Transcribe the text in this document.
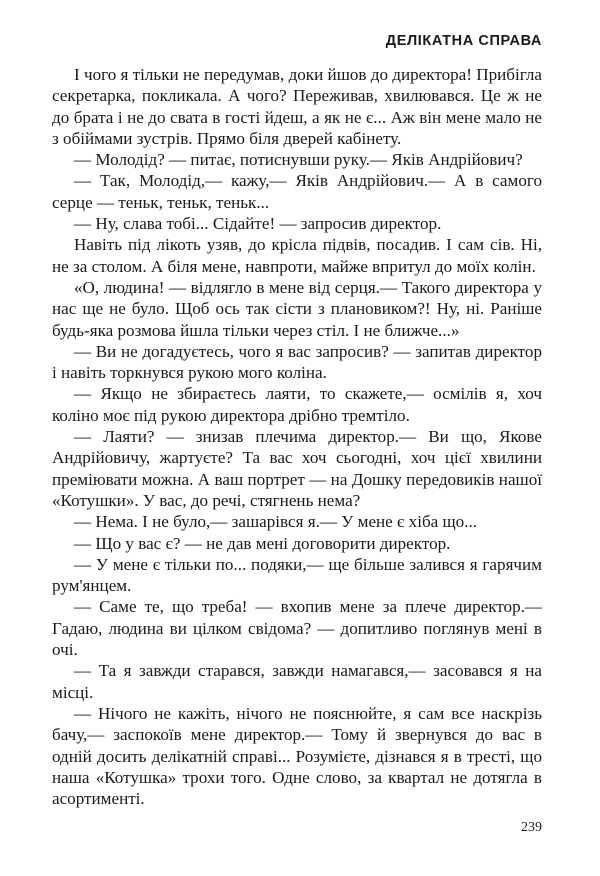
ДЕЛІКАТНА СПРАВА

І чого я тільки не передумав, доки йшов до директора! Прибігла секретарка, покликала. А чого? Переживав, хвилювався. Це ж не до брата і не до свата в гості йдеш, а як не є... Аж він мене мало не з обіймами зустрів. Прямо біля дверей кабінету.

— Молодід? — питає, потиснувши руку.— Яків Андрійович?

— Так, Молодід,— кажу,— Яків Андрійович.— А в самого серце — теньк, теньк, теньк...

— Ну, слава тобі... Сідайте! — запросив директор.

Навіть під лікоть узяв, до крісла підвів, посадив. І сам сів. Ні, не за столом. А біля мене, навпроти, майже впритул до моїх колін.

«О, людина! — відлягло в мене від серця.— Такого директора у нас ще не було. Щоб ось так сісти з плановиком?! Ну, ні. Раніше будь-яка розмова йшла тільки через стіл. І не ближче...»

— Ви не догадуєтесь, чого я вас запросив? — запитав директор і навіть торкнувся рукою мого коліна.

— Якщо не збираєтесь лаяти, то скажете,— осмілів я, хоч коліно моє під рукою директора дрібно тремтіло.

— Лаяти? — знизав плечима директор.— Ви що, Якове Андрійовичу, жартуєте? Та вас хоч сьогодні, хоч цієї хвилини преміювати можна. А ваш портрет — на Дошку передовиків нашої «Котушки». У вас, до речі, стягнень нема?

— Нема. І не було,— зашарівся я.— У мене є хіба що...

— Що у вас є? — не дав мені договорити директор.

— У мене є тільки по... подяки,— ще більше залився я гарячим рум'янцем.

— Саме те, що треба! — вхопив мене за плече директор.— Гадаю, людина ви цілком свідома? — допитливо поглянув мені в очі.

— Та я завжди старався, завжди намагався,— засовався я на місці.

— Нічого не кажіть, нічого не пояснюйте, я сам все наскрізь бачу,— заспокоїв мене директор.— Тому й звернувся до вас в одній досить делікатній справі... Розумієте, дізнався я в тресті, що наша «Котушка» трохи того. Одне слово, за квартал не дотягла в асортименті.

239
